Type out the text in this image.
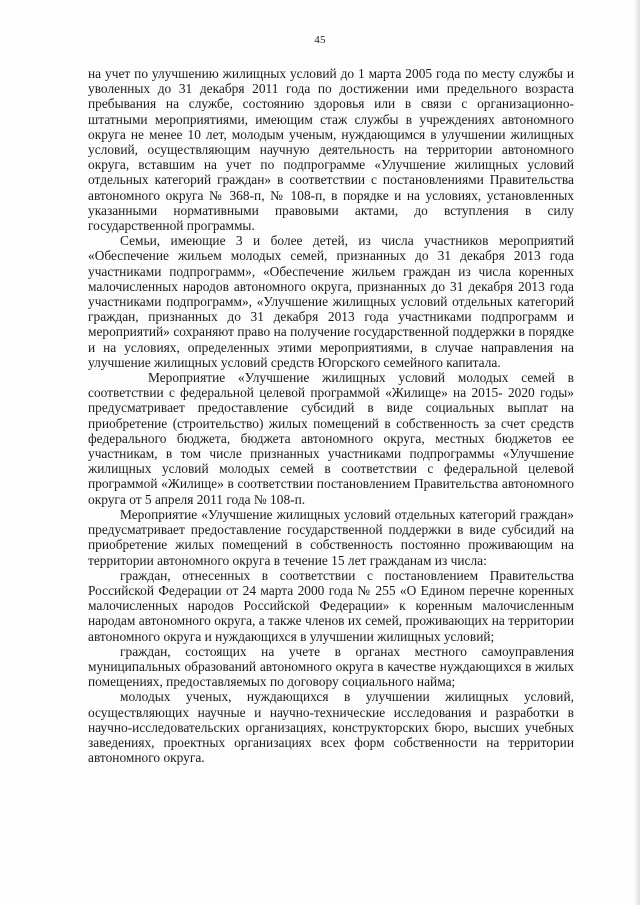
45

на учет по улучшению жилищных условий до 1 марта 2005 года по месту службы и уволенных до 31 декабря 2011 года по достижении ими предельного возраста пребывания на службе, состоянию здоровья или в связи с организационно-штатными мероприятиями, имеющим стаж службы в учреждениях автономного округа не менее 10 лет, молодым ученым, нуждающимся в улучшении жилищных условий, осуществляющим научную деятельность на территории автономного округа, вставшим на учет по подпрограмме «Улучшение жилищных условий отдельных категорий граждан» в соответствии с постановлениями Правительства автономного округа № 368-п, № 108-п, в порядке и на условиях, установленных указанными нормативными правовыми актами, до вступления в силу государственной программы.

Семьи, имеющие 3 и более детей, из числа участников мероприятий «Обеспечение жильем молодых семей, признанных до 31 декабря 2013 года участниками подпрограмм», «Обеспечение жильем граждан из числа коренных малочисленных народов автономного округа, признанных до 31 декабря 2013 года участниками подпрограмм», «Улучшение жилищных условий отдельных категорий граждан, признанных до 31 декабря 2013 года участниками подпрограмм и мероприятий» сохраняют право на получение государственной поддержки в порядке и на условиях, определенных этими мероприятиями, в случае направления на улучшение жилищных условий средств Югорского семейного капитала.

Мероприятие «Улучшение жилищных условий молодых семей в соответствии с федеральной целевой программой «Жилище» на 2015- 2020 годы» предусматривает предоставление субсидий в виде социальных выплат на приобретение (строительство) жилых помещений в собственность за счет средств федерального бюджета, бюджета автономного округа, местных бюджетов ее участникам, в том числе признанных участниками подпрограммы «Улучшение жилищных условий молодых семей в соответствии с федеральной целевой программой «Жилище» в соответствии постановлением Правительства автономного округа от 5 апреля 2011 года № 108-п.

Мероприятие «Улучшение жилищных условий отдельных категорий граждан» предусматривает предоставление государственной поддержки в виде субсидий на приобретение жилых помещений в собственность постоянно проживающим на территории автономного округа в течение 15 лет гражданам из числа:

граждан, отнесенных в соответствии с постановлением Правительства Российской Федерации от 24 марта 2000 года № 255 «О Едином перечне коренных малочисленных народов Российской Федерации» к коренным малочисленным народам автономного округа, а также членов их семей, проживающих на территории автономного округа и нуждающихся в улучшении жилищных условий;

граждан, состоящих на учете в органах местного самоуправления муниципальных образований автономного округа в качестве нуждающихся в жилых помещениях, предоставляемых по договору социального найма;

молодых ученых, нуждающихся в улучшении жилищных условий, осуществляющих научные и научно-технические исследования и разработки в научно-исследовательских организациях, конструкторских бюро, высших учебных заведениях, проектных организациях всех форм собственности на территории автономного округа.
